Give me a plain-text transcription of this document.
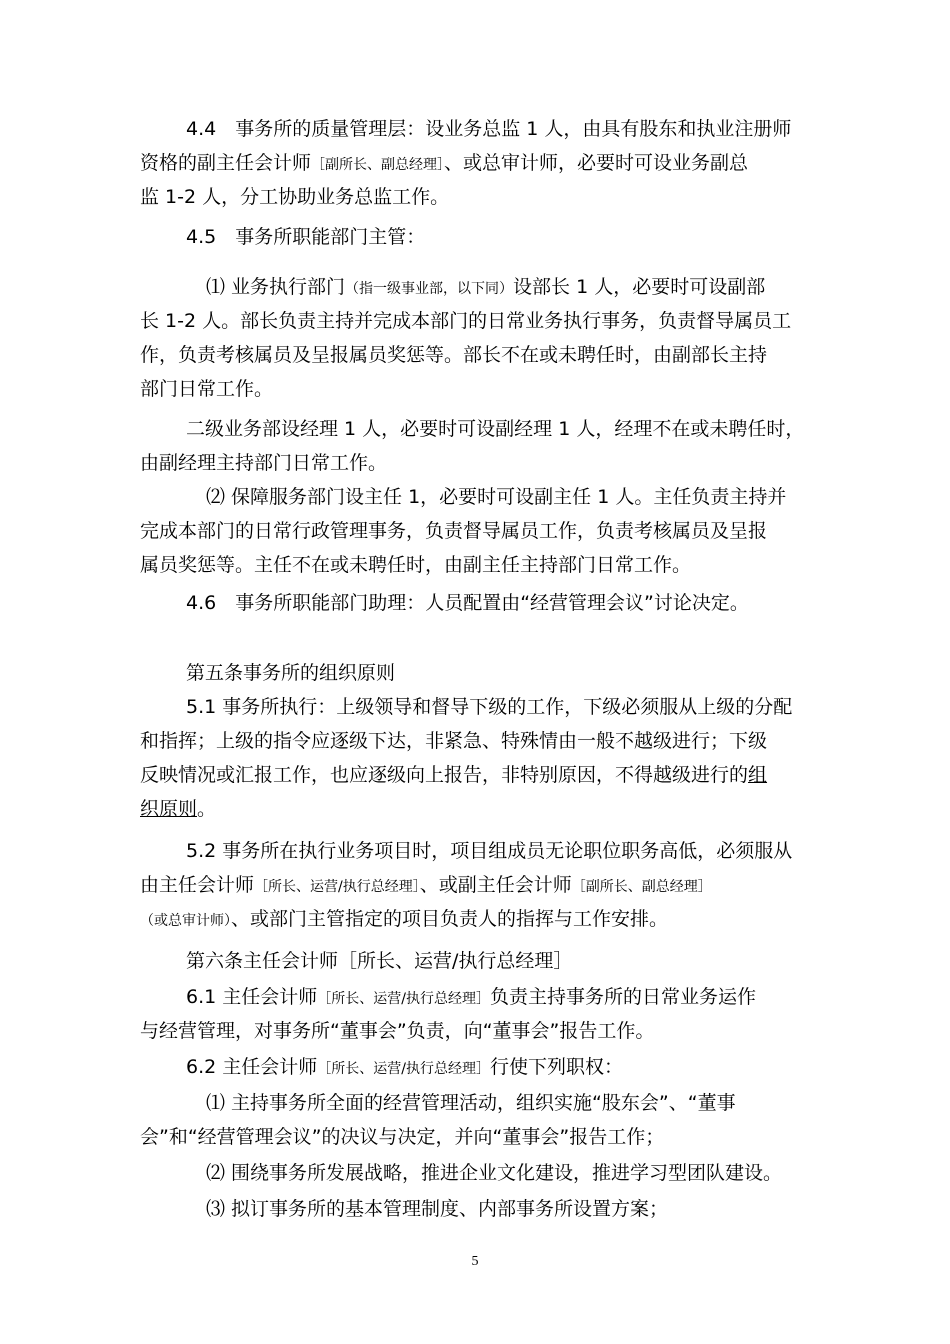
4.4　事务所的质量管理层：设业务总监 1 人，由具有股东和执业注册师
资格的副主任会计师［副所长、副总经理］、或总审计师，必要时可设业务副总
监 1-2 人，分工协助业务总监工作。
4.5　事务所职能部门主管：
⑴ 业务执行部门（指一级事业部，以下同）设部长 1 人，必要时可设副部
长 1-2 人。部长负责主持并完成本部门的日常业务执行事务，负责督导属员工
作，负责考核属员及呈报属员奖惩等。部长不在或未聘任时，由副部长主持
部门日常工作。
二级业务部设经理 1 人，必要时可设副经理 1 人，经理不在或未聘任时，
由副经理主持部门日常工作。
⑵ 保障服务部门设主任 1，必要时可设副主任 1 人。主任负责主持并
完成本部门的日常行政管理事务，负责督导属员工作，负责考核属员及呈报
属员奖惩等。主任不在或未聘任时，由副主任主持部门日常工作。
4.6　事务所职能部门助理：人员配置由“经营管理会议”讨论决定。
第五条事务所的组织原则
5.1 事务所执行：上级领导和督导下级的工作，下级必须服从上级的分配
和指挥；上级的指令应逐级下达，非紧急、特殊情由一般不越级进行；下级
反映情况或汇报工作，也应逐级向上报告，非特别原因，不得越级进行的组
织原则。
5.2 事务所在执行业务项目时，项目组成员无论职位职务高低，必须服从
由主任会计师［所长、运营/执行总经理］、或副主任会计师［副所长、副总经理］
（或总审计师）、或部门主管指定的项目负责人的指挥与工作安排。
第六条主任会计师［所长、运营/执行总经理］
6.1 主任会计师［所长、运营/执行总经理］负责主持事务所的日常业务运作
与经营管理，对事务所“董事会”负责，向“董事会”报告工作。
6.2 主任会计师［所长、运营/执行总经理］行使下列职权：
⑴ 主持事务所全面的经营管理活动，组织实施“股东会”、“董事
会”和“经营管理会议”的决议与决定，并向“董事会”报告工作；
⑵ 围绕事务所发展战略，推进企业文化建设，推进学习型团队建设。
⑶ 拟订事务所的基本管理制度、内部事务所设置方案；
5
